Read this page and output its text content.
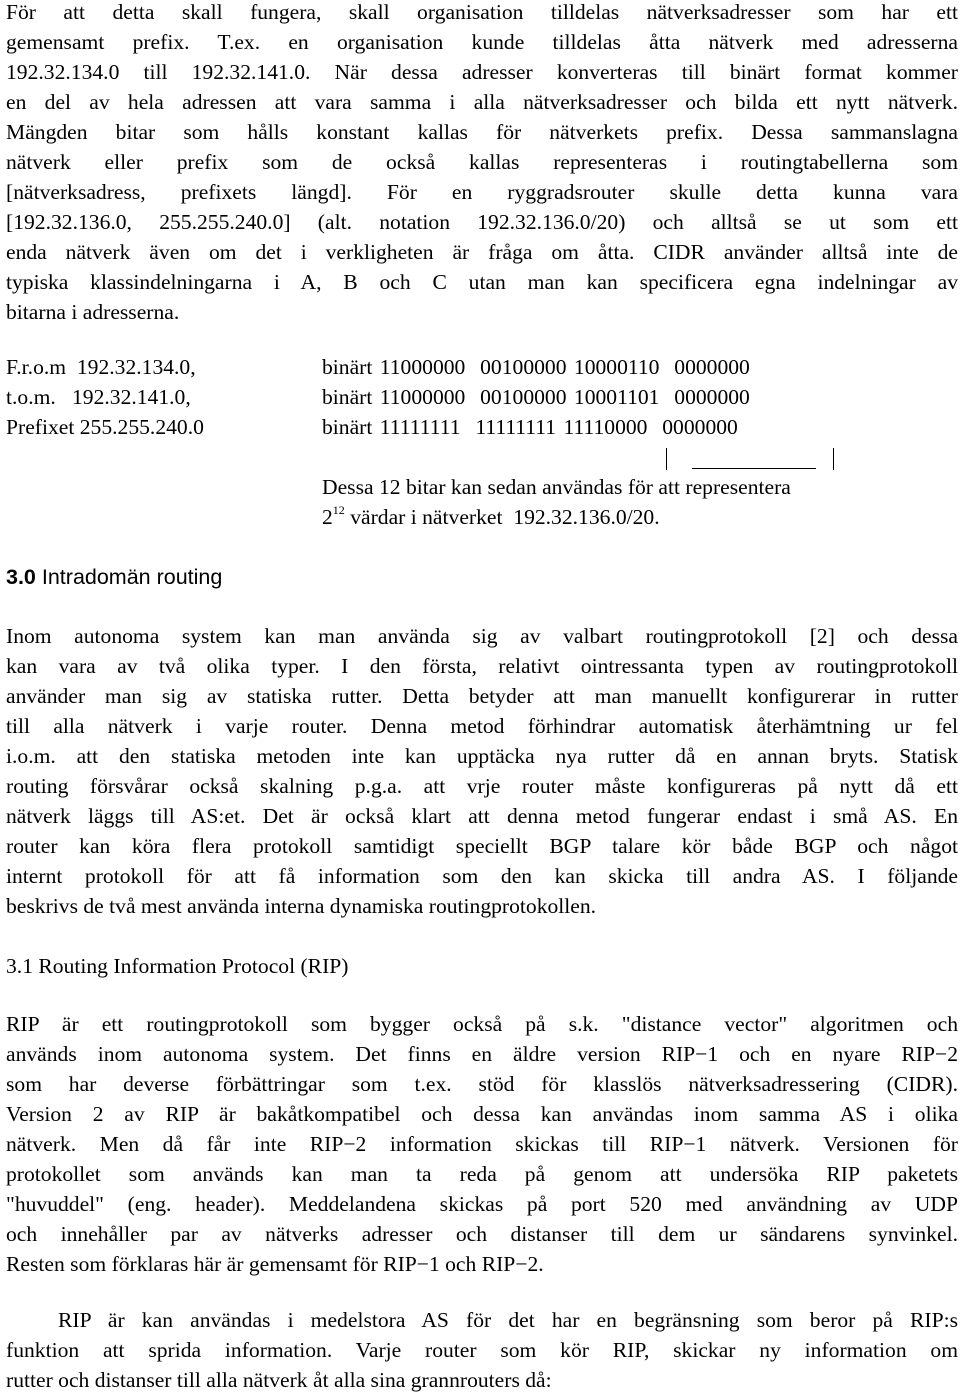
För att detta skall fungera, skall organisation tilldelas nätverksadresser som har ett
gemensamt prefix. T.ex. en organisation kunde tilldelas åtta nätverk med adresserna
192.32.134.0 till 192.32.141.0. När dessa adresser konverteras till binärt format kommer
en del av hela adressen att vara samma i alla nätverksadresser och bilda ett nytt nätverk.
Mängden bitar som hålls konstant kallas för nätverkets prefix. Dessa sammanslagna
nätverk eller prefix som de också kallas representeras i routingtabellerna som
[nätverksadress, prefixets längd]. För en ryggradsrouter skulle detta kunna vara
[192.32.136.0, 255.255.240.0] (alt. notation 192.32.136.0/20) och alltså se ut som ett
enda nätverk även om det i verkligheten är fråga om åtta. CIDR använder alltså inte de
typiska klassindelningarna i A, B och C utan man kan specificera egna indelningar av
bitarna i adresserna.
F.r.o.m  192.32.134.0,	binärt 11000000  00100000 10000110  0000000
t.o.m.   192.32.141.0,	binärt 11000000  00100000 10001101  0000000
Prefixet 255.255.240.0	binärt 11111111  11111111 11110000  0000000
Dessa 12 bitar kan sedan användas för att representera
$2^{12}$ värdar i nätverket  192.32.136.0/20.
3.0 Intradomän routing
Inom autonoma system kan man använda sig av valbart routingprotokoll [2] och dessa
kan vara av två olika typer. I den första, relativt ointressanta typen av routingprotokoll
använder man sig av statiska rutter. Detta betyder att man manuellt konfigurerar in rutter
till alla nätverk i varje router. Denna metod förhindrar automatisk återhämtning ur fel
i.o.m. att den statiska metoden inte kan upptäcka nya rutter då en annan bryts. Statisk
routing försvårar också skalning p.g.a. att vrje router måste konfigureras på nytt då ett
nätverk läggs till AS:et. Det är också klart att denna metod fungerar endast i små AS. En
router kan köra flera protokoll samtidigt speciellt BGP talare kör både BGP och något
internt protokoll för att få information som den kan skicka till andra AS. I följande
beskrivs de två mest använda interna dynamiska routingprotokollen.
3.1 Routing Information Protocol (RIP)
RIP är ett routingprotokoll som bygger också på s.k. "distance vector" algoritmen och
används inom autonoma system. Det finns en äldre version RIP−1 och en nyare RIP−2
som har deverse förbättringar som t.ex. stöd för klasslös nätverksadressering (CIDR).
Version 2 av RIP är bakåtkompatibel och dessa kan användas inom samma AS i olika
nätverk. Men då får inte RIP−2 information skickas till RIP−1 nätverk. Versionen för
protokollet som används kan man ta reda på genom att undersöka RIP paketets
"huvuddel" (eng. header). Meddelandena skickas på port 520 med användning av UDP
och innehåller par av nätverks adresser och distanser till dem ur sändarens synvinkel.
Resten som förklaras här är gemensamt för RIP−1 och RIP−2.
RIP är kan användas i medelstora AS för det har en begränsning som beror på RIP:s
funktion att sprida information. Varje router som kör RIP, skickar ny information om
rutter och distanser till alla nätverk åt alla sina grannrouters då:
